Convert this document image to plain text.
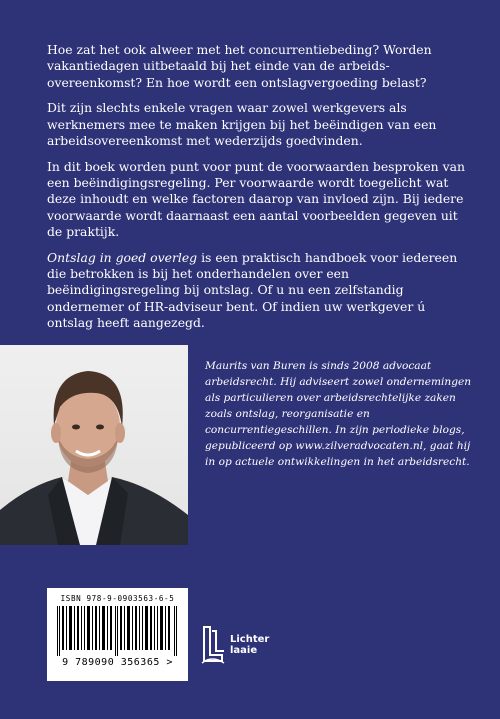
Hoe zat het ook alweer met het concurrentiebeding? Worden vakantiedagen uitbetaald bij het einde van de arbeids-overeenkomst? En hoe wordt een ontslagvergoeding belast?

Dit zijn slechts enkele vragen waar zowel werkgevers als werknemers mee te maken krijgen bij het beëindigen van een arbeidsovereenkomst met wederzijds goedvinden.

In dit boek worden punt voor punt de voorwaarden besproken van een beëindigingsregeling. Per voorwaarde wordt toegelicht wat deze inhoudt en welke factoren daarop van invloed zijn. Bij iedere voorwaarde wordt daarnaast een aantal voorbeelden gegeven uit de praktijk.

Ontslag in goed overleg is een praktisch handboek voor iedereen die betrokken is bij het onderhandelen over een beëindigingsregeling bij ontslag. Of u nu een zelfstandig ondernemer of HR-adviseur bent. Of indien uw werkgever ú ontslag heeft aangezegd.

Maurits van Buren is sinds 2008 advocaat arbeidsrecht. Hij adviseert zowel ondernemingen als particulieren over arbeidsrechtelijke zaken zoals ontslag, reorganisatie en concurrentiegeschillen. In zijn periodieke blogs, gepubliceerd op www.zilveradvocaten.nl, gaat hij in op actuele ontwikkelingen in het arbeidsrecht.
ISBN 978-9-0903563-6-5
9 789090 356365 >
Lichter
laaie
